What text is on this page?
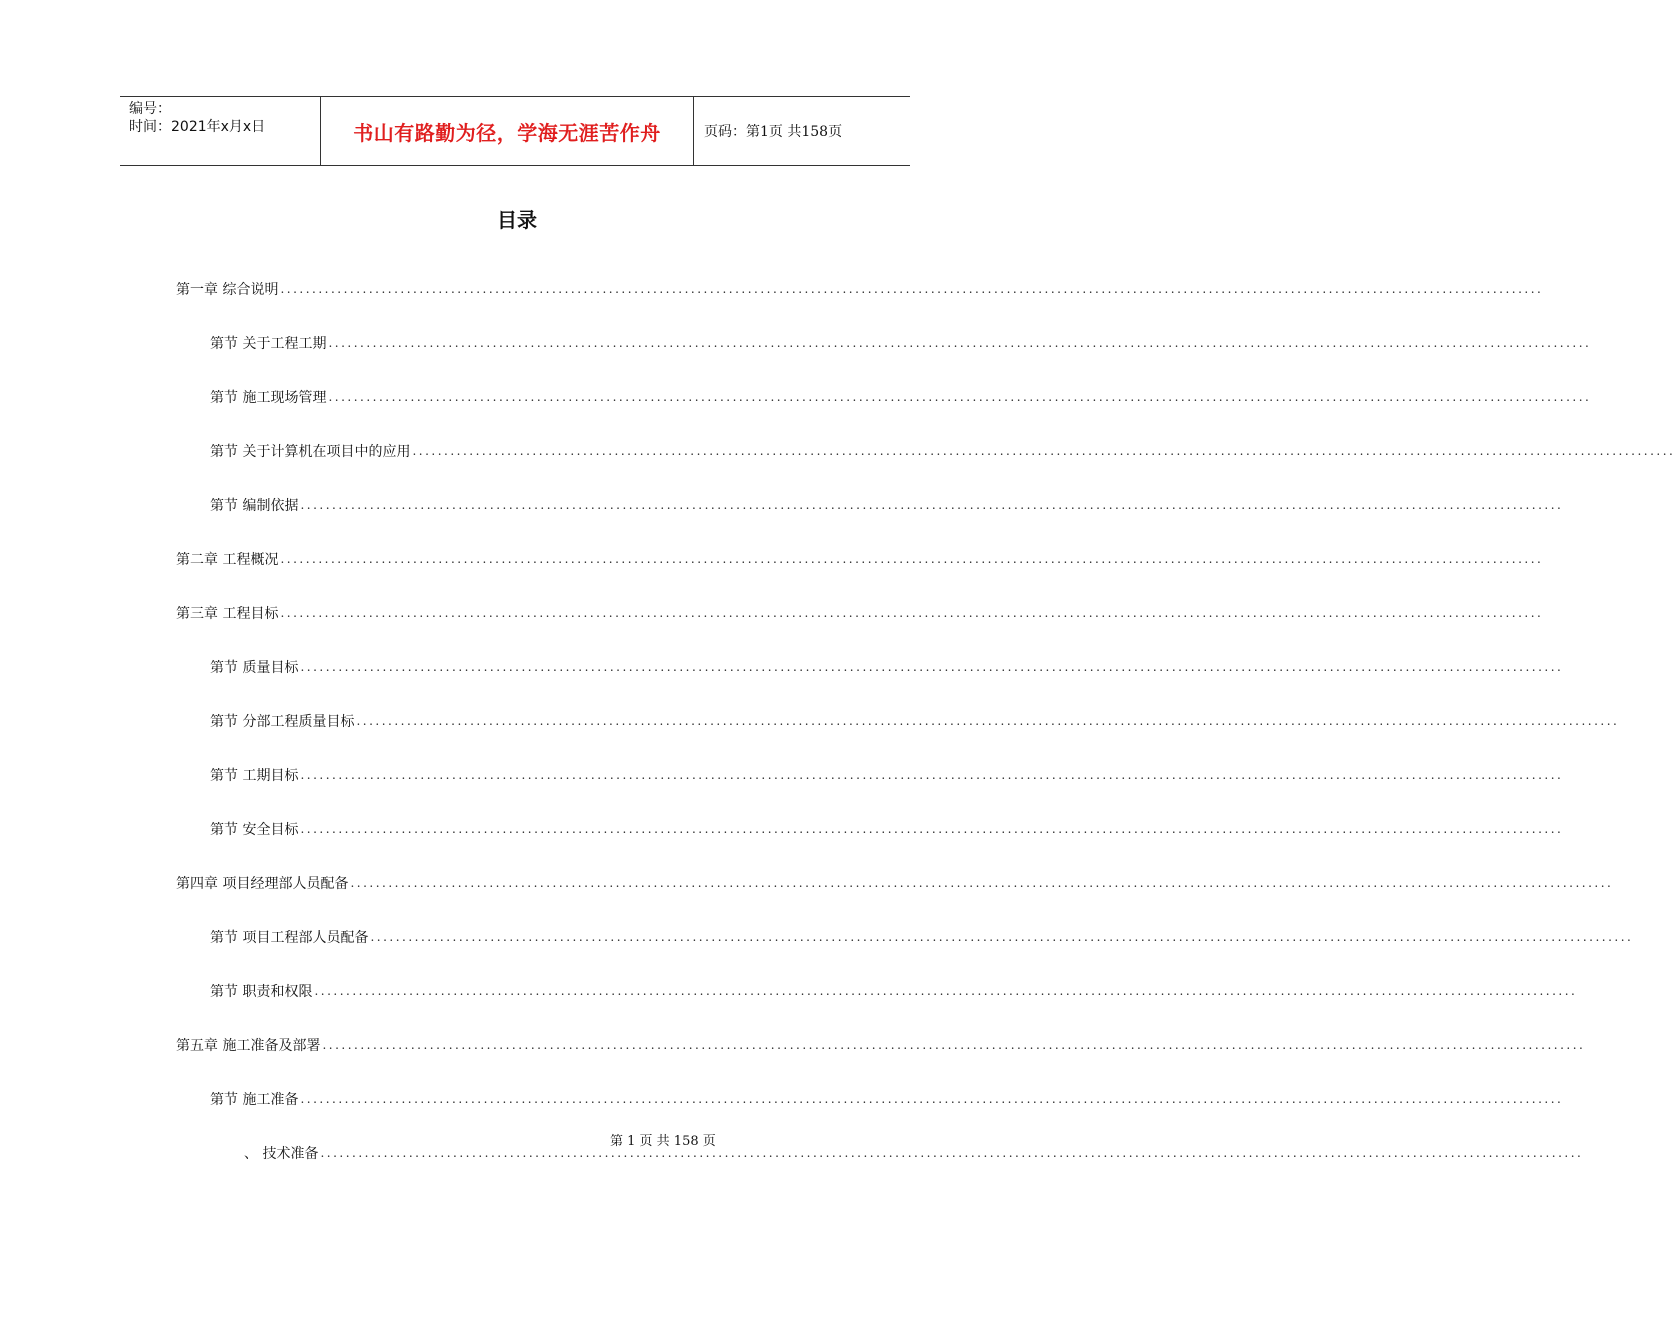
编号：
时间：2021年x月x日	书山有路勤为径，学海无涯苦作舟	页码：第1页 共158页
目录
第一章 综合说明 ........................................................................................................................................................................................................
第节 关于工程工期 ........................................................................................................................................................................................................
第节 施工现场管理 ........................................................................................................................................................................................................
第节 关于计算机在项目中的应用 ........................................................................................................................................................................................................
第节 编制依据 ........................................................................................................................................................................................................
第二章 工程概况 ........................................................................................................................................................................................................
第三章 工程目标 ........................................................................................................................................................................................................
第节 质量目标 ........................................................................................................................................................................................................
第节 分部工程质量目标 ........................................................................................................................................................................................................
第节 工期目标 ........................................................................................................................................................................................................
第节 安全目标 ........................................................................................................................................................................................................
第四章 项目经理部人员配备 ........................................................................................................................................................................................................
第节 项目工程部人员配备 ........................................................................................................................................................................................................
第节 职责和权限 ........................................................................................................................................................................................................
第五章 施工准备及部署 ........................................................................................................................................................................................................
第节 施工准备 ........................................................................................................................................................................................................
、 技术准备 ........................................................................................................................................................................................................
第 1 页 共 158 页
